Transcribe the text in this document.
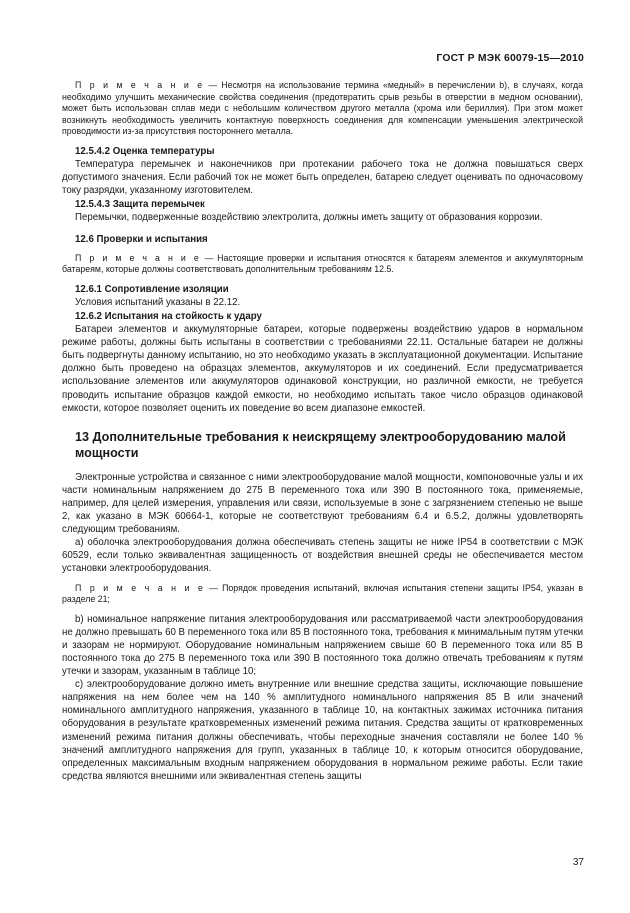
ГОСТ Р МЭК 60079-15—2010

П р и м е ч а н и е — Несмотря на использование термина «медный» в перечислении b), в случаях, когда необходимо улучшить механические свойства соединения (предотвратить срыв резьбы в отверстии в медном основании), может быть использован сплав меди с небольшим количеством другого металла (хрома или бериллия). При этом может возникнуть необходимость увеличить контактную поверхность соединения для компенсации уменьшения электрической проводимости из-за присутствия постороннего металла.

12.5.4.2 Оценка температуры

Температура перемычек и наконечников при протекании рабочего тока не должна повышаться сверх допустимого значения. Если рабочий ток не может быть определен, батарею следует оценивать по одночасовому току разрядки, указанному изготовителем.

12.5.4.3 Защита перемычек

Перемычки, подверженные воздействию электролита, должны иметь защиту от образования коррозии.

12.6 Проверки и испытания

П р и м е ч а н и е — Настоящие проверки и испытания относятся к батареям элементов и аккумуляторным батареям, которые должны соответствовать дополнительным требованиям 12.5.

12.6.1 Сопротивление изоляции

Условия испытаний указаны в 22.12.

12.6.2 Испытания на стойкость к удару

Батареи элементов и аккумуляторные батареи, которые подвержены воздействию ударов в нормальном режиме работы, должны быть испытаны в соответствии с требованиями 22.11. Остальные батареи не должны быть подвергнуты данному испытанию, но это необходимо указать в эксплуатационной документации. Испытание должно быть проведено на образцах элементов, аккумуляторов и их соединений. Если предусматривается использование элементов или аккумуляторов одинаковой конструкции, но различной емкости, не требуется проводить испытание образцов каждой емкости, но необходимо испытать такое число образцов одинаковой емкости, которое позволяет оценить их поведение во всем диапазоне емкостей.

13 Дополнительные требования к неискрящему электрооборудованию малой мощности

Электронные устройства и связанное с ними электрооборудование малой мощности, компоновочные узлы и их части номинальным напряжением до 275 В переменного тока или 390 В постоянного тока, применяемые, например, для целей измерения, управления или связи, используемые в зоне с загрязнением степенью не выше 2, как указано в МЭК 60664-1, которые не соответствуют требованиям 6.4 и 6.5.2, должны удовлетворять следующим требованиям.

а) оболочка электрооборудования должна обеспечивать степень защиты не ниже IP54 в соответствии с МЭК 60529, если только эквивалентная защищенность от воздействия внешней среды не обеспечивается местом установки электрооборудования.

П р и м е ч а н и е — Порядок проведения испытаний, включая испытания степени защиты IP54, указан в разделе 21;

b) номинальное напряжение питания электрооборудования или рассматриваемой части электрооборудования не должно превышать 60 В переменного тока или 85 В постоянного тока, требования к минимальным путям утечки и зазорам не нормируют. Оборудование номинальным напряжением свыше 60 В переменного тока или 85 В постоянного тока до 275 В переменного тока или 390 В постоянного тока должно отвечать требованиям к путям утечки и зазорам, указанным в таблице 10;

с) электрооборудование должно иметь внутренние или внешние средства защиты, исключающие повышение напряжения на нем более чем на 140 % амплитудного номинального напряжения 85 В или значений номинального амплитудного напряжения, указанного в таблице 10, на контактных зажимах источника питания оборудования в результате кратковременных изменений режима питания. Средства защиты от кратковременных изменений режима питания должны обеспечивать, чтобы переходные значения составляли не более 140 % значений амплитудного напряжения для групп, указанных в таблице 10, к которым относится оборудование, определенных максимальным входным напряжением оборудования в нормальном режиме работы. Если такие средства являются внешними или эквивалентная степень защиты

37
